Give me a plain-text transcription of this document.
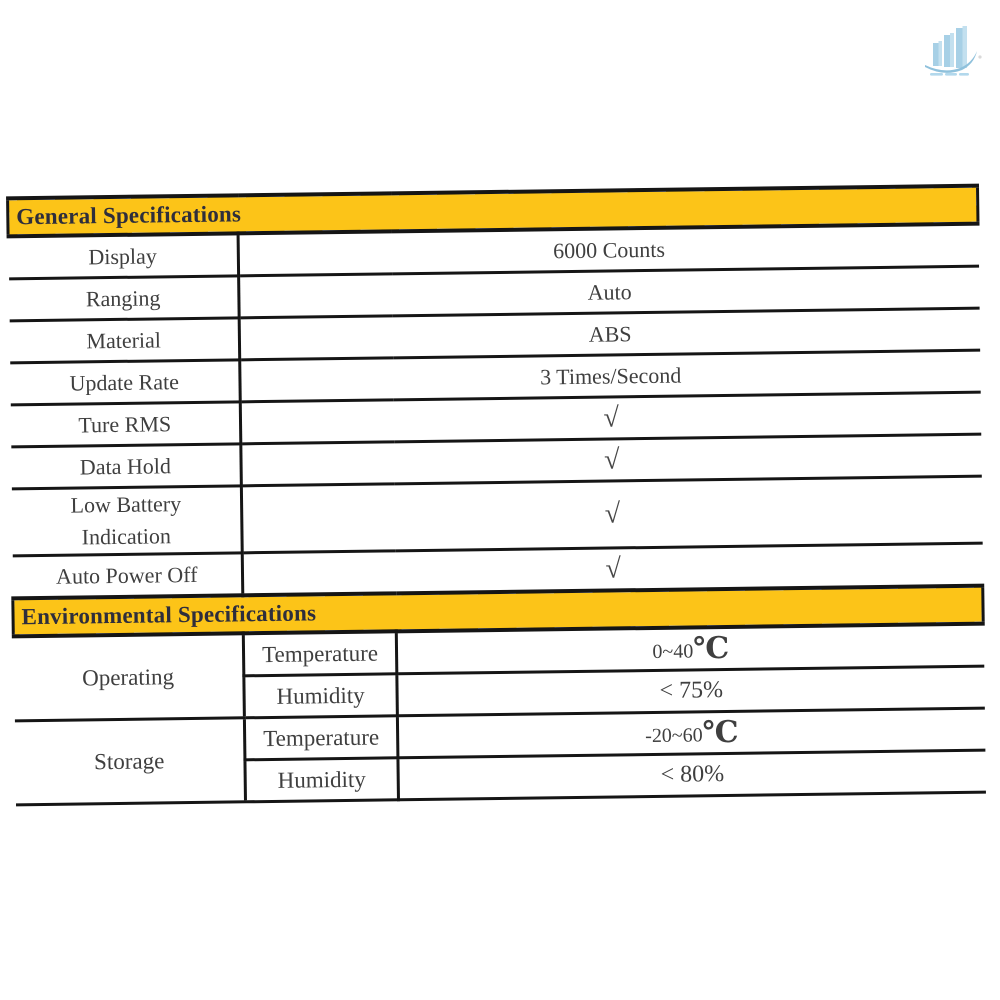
General Specifications		
Display	6000 Counts	
Ranging	Auto	
Material	ABS	
Update Rate	3 Times/Second	
Ture RMS	√	
Data Hold	√	
Low Battery Indication	√	
Auto Power Off	√	
Environmental Specifications		
Operating	Temperature	0~40℃
	Humidity	< 75%
Storage	Temperature	-20~60℃
	Humidity	< 80%
